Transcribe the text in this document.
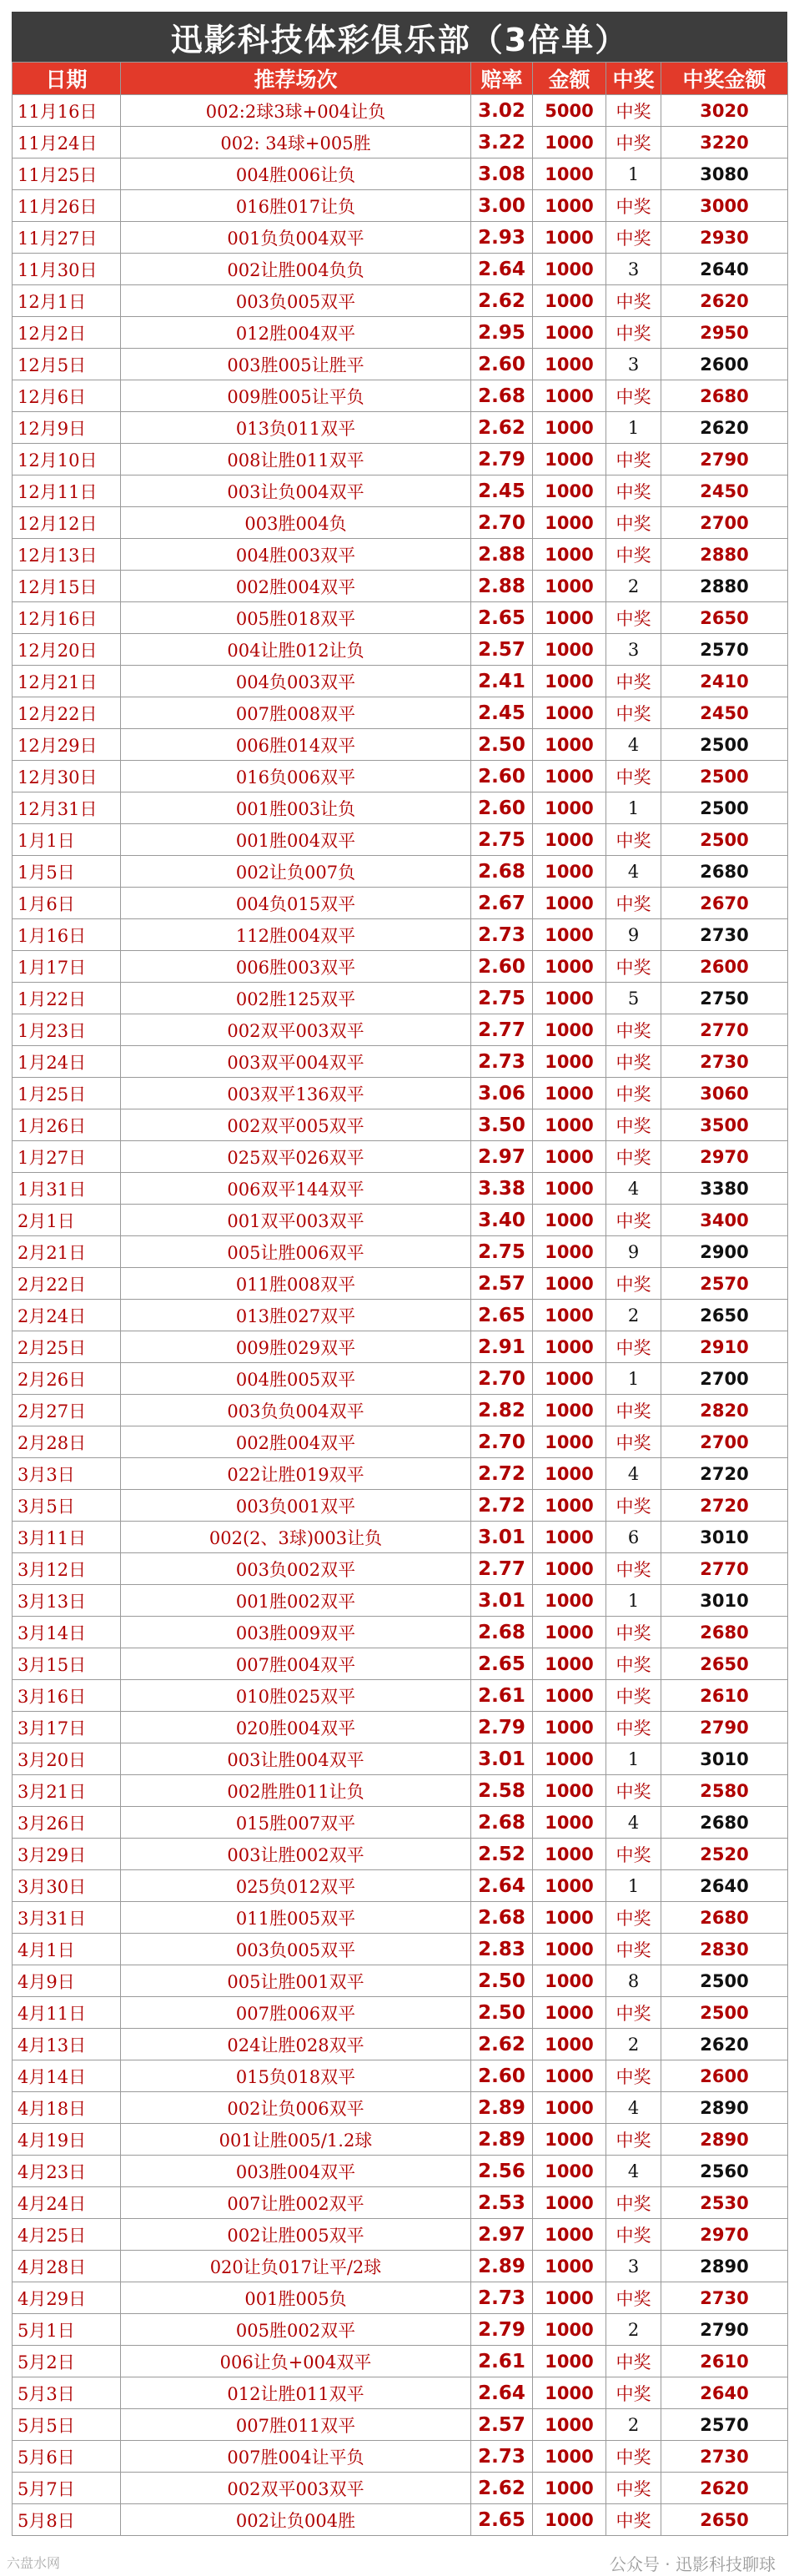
迅影科技体彩俱乐部（3倍单）
日期	推荐场次	赔率	金额	中奖	中奖金额
11月16日	002:2球3球+004让负	3.02	5000	中奖	3020
11月24日	002: 34球+005胜	3.22	1000	中奖	3220
11月25日	004胜006让负	3.08	1000	1	3080
11月26日	016胜017让负	3.00	1000	中奖	3000
11月27日	001负负004双平	2.93	1000	中奖	2930
11月30日	002让胜004负负	2.64	1000	3	2640
12月1日	003负005双平	2.62	1000	中奖	2620
12月2日	012胜004双平	2.95	1000	中奖	2950
12月5日	003胜005让胜平	2.60	1000	3	2600
12月6日	009胜005让平负	2.68	1000	中奖	2680
12月9日	013负011双平	2.62	1000	1	2620
12月10日	008让胜011双平	2.79	1000	中奖	2790
12月11日	003让负004双平	2.45	1000	中奖	2450
12月12日	003胜004负	2.70	1000	中奖	2700
12月13日	004胜003双平	2.88	1000	中奖	2880
12月15日	002胜004双平	2.88	1000	2	2880
12月16日	005胜018双平	2.65	1000	中奖	2650
12月20日	004让胜012让负	2.57	1000	3	2570
12月21日	004负003双平	2.41	1000	中奖	2410
12月22日	007胜008双平	2.45	1000	中奖	2450
12月29日	006胜014双平	2.50	1000	4	2500
12月30日	016负006双平	2.60	1000	中奖	2500
12月31日	001胜003让负	2.60	1000	1	2500
1月1日	001胜004双平	2.75	1000	中奖	2500
1月5日	002让负007负	2.68	1000	4	2680
1月6日	004负015双平	2.67	1000	中奖	2670
1月16日	112胜004双平	2.73	1000	9	2730
1月17日	006胜003双平	2.60	1000	中奖	2600
1月22日	002胜125双平	2.75	1000	5	2750
1月23日	002双平003双平	2.77	1000	中奖	2770
1月24日	003双平004双平	2.73	1000	中奖	2730
1月25日	003双平136双平	3.06	1000	中奖	3060
1月26日	002双平005双平	3.50	1000	中奖	3500
1月27日	025双平026双平	2.97	1000	中奖	2970
1月31日	006双平144双平	3.38	1000	4	3380
2月1日	001双平003双平	3.40	1000	中奖	3400
2月21日	005让胜006双平	2.75	1000	9	2900
2月22日	011胜008双平	2.57	1000	中奖	2570
2月24日	013胜027双平	2.65	1000	2	2650
2月25日	009胜029双平	2.91	1000	中奖	2910
2月26日	004胜005双平	2.70	1000	1	2700
2月27日	003负负004双平	2.82	1000	中奖	2820
2月28日	002胜004双平	2.70	1000	中奖	2700
3月3日	022让胜019双平	2.72	1000	4	2720
3月5日	003负001双平	2.72	1000	中奖	2720
3月11日	002(2、3球)003让负	3.01	1000	6	3010
3月12日	003负002双平	2.77	1000	中奖	2770
3月13日	001胜002双平	3.01	1000	1	3010
3月14日	003胜009双平	2.68	1000	中奖	2680
3月15日	007胜004双平	2.65	1000	中奖	2650
3月16日	010胜025双平	2.61	1000	中奖	2610
3月17日	020胜004双平	2.79	1000	中奖	2790
3月20日	003让胜004双平	3.01	1000	1	3010
3月21日	002胜胜011让负	2.58	1000	中奖	2580
3月26日	015胜007双平	2.68	1000	4	2680
3月29日	003让胜002双平	2.52	1000	中奖	2520
3月30日	025负012双平	2.64	1000	1	2640
3月31日	011胜005双平	2.68	1000	中奖	2680
4月1日	003负005双平	2.83	1000	中奖	2830
4月9日	005让胜001双平	2.50	1000	8	2500
4月11日	007胜006双平	2.50	1000	中奖	2500
4月13日	024让胜028双平	2.62	1000	2	2620
4月14日	015负018双平	2.60	1000	中奖	2600
4月18日	002让负006双平	2.89	1000	4	2890
4月19日	001让胜005/1.2球	2.89	1000	中奖	2890
4月23日	003胜004双平	2.56	1000	4	2560
4月24日	007让胜002双平	2.53	1000	中奖	2530
4月25日	002让胜005双平	2.97	1000	中奖	2970
4月28日	020让负017让平/2球	2.89	1000	3	2890
4月29日	001胜005负	2.73	1000	中奖	2730
5月1日	005胜002双平	2.79	1000	2	2790
5月2日	006让负+004双平	2.61	1000	中奖	2610
5月3日	012让胜011双平	2.64	1000	中奖	2640
5月5日	007胜011双平	2.57	1000	2	2570
5月6日	007胜004让平负	2.73	1000	中奖	2730
5月7日	002双平003双平	2.62	1000	中奖	2620
5月8日	002让负004胜	2.65	1000	中奖	2650
六盘水网	公众号 · 迅影科技聊球
